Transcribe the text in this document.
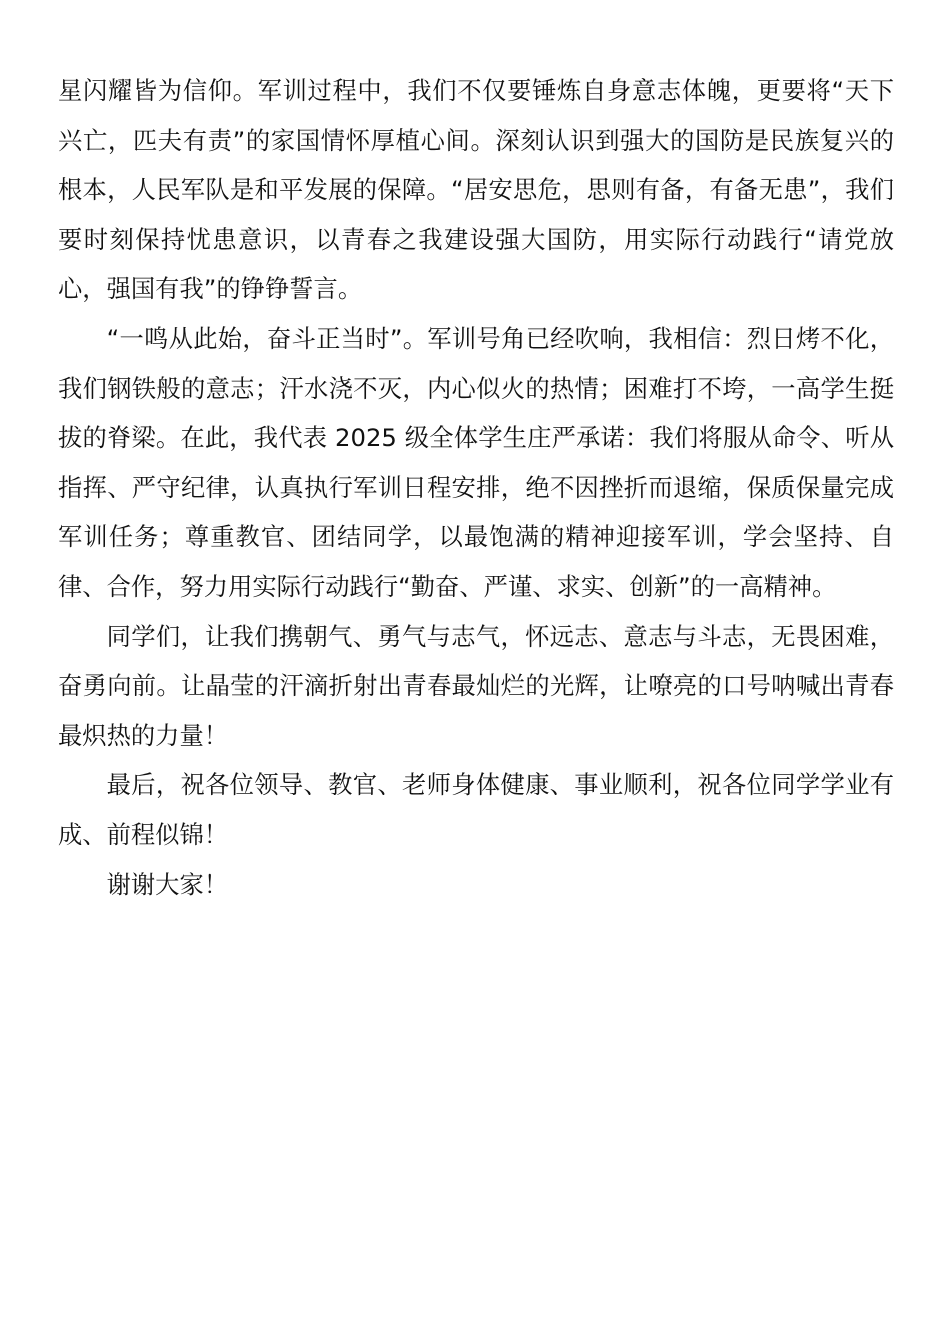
星闪耀皆为信仰。军训过程中，我们不仅要锤炼自身意志体魄，更要将“天下兴亡，匹夫有责”的家国情怀厚植心间。深刻认识到强大的国防是民族复兴的根本，人民军队是和平发展的保障。“居安思危，思则有备，有备无患”，我们要时刻保持忧患意识，以青春之我建设强大国防，用实际行动践行“请党放心，强国有我”的铮铮誓言。

“一鸣从此始，奋斗正当时”。军训号角已经吹响，我相信：烈日烤不化，我们钢铁般的意志；汗水浇不灭，内心似火的热情；困难打不垮，一高学生挺拔的脊梁。在此，我代表 2025 级全体学生庄严承诺：我们将服从命令、听从指挥、严守纪律，认真执行军训日程安排，绝不因挫折而退缩，保质保量完成军训任务；尊重教官、团结同学，以最饱满的精神迎接军训，学会坚持、自律、合作，努力用实际行动践行“勤奋、严谨、求实、创新”的一高精神。

同学们，让我们携朝气、勇气与志气，怀远志、意志与斗志，无畏困难，奋勇向前。让晶莹的汗滴折射出青春最灿烂的光辉，让嘹亮的口号呐喊出青春最炽热的力量！

最后，祝各位领导、教官、老师身体健康、事业顺利，祝各位同学学业有成、前程似锦！

谢谢大家！
